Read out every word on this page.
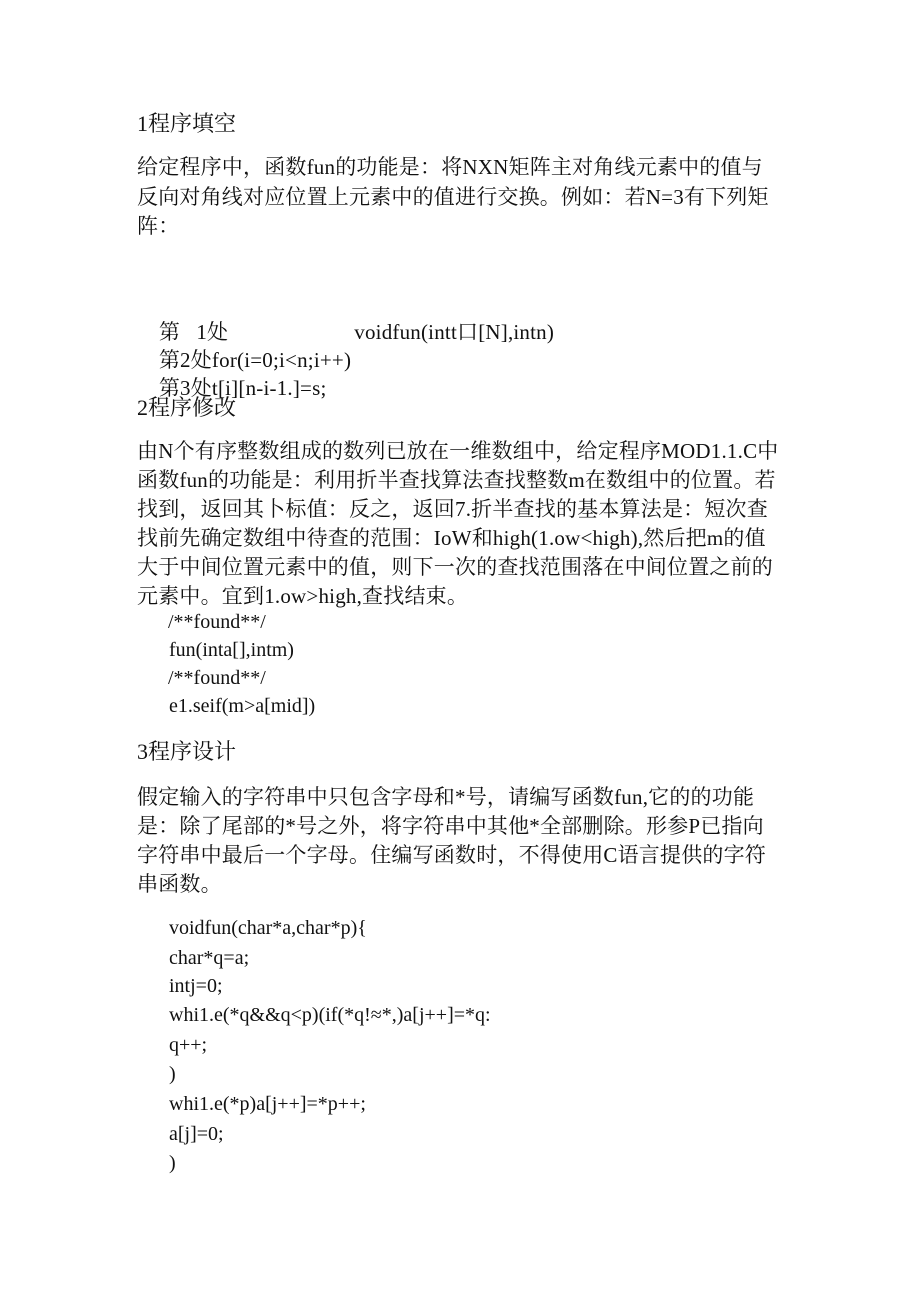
1程序填空
给定程序中，函数fun的功能是：将NXN矩阵主对角线元素中的值与
反向对角线对应位置上元素中的值进行交换。例如：若N=3有下列矩
阵：

第   1处	voidfun(intt口[N],intn)

第2处for(i=0;i<n;i++)

第3处t[i][n-i-1.]=s;

2程序修改
由N个有序整数组成的数列已放在一维数组中，给定程序MOD1.1.C中
函数fun的功能是：利用折半查找算法查找整数m在数组中的位置。若
找到，返回其卜标值：反之，返回7.折半查找的基本算法是：短次查
找前先确定数组中待查的范围：IoW和high(1.ow<high),然后把m的值
大于中间位置元素中的值，则下一次的查找范围落在中间位置之前的
元素中。宜到1.ow>high,查找结束。
/**found**/
fun(inta[],intm)
/**found**/
e1.seif(m>a[mid])
3程序设计
假定输入的字符串中只包含字母和*号，请编写函数fun,它的的功能
是：除了尾部的*号之外，将字符串中其他*全部删除。形参P已指向
字符串中最后一个字母。住编写函数时，不得使用C语言提供的字符
串函数。
voidfun(char*a,char*p){
char*q=a;
intj=0;
whi1.e(*q&&q<p)(if(*q!≈*,)a[j++]=*q:
q++;
)
whi1.e(*p)a[j++]=*p++;
a[j]=0;
)
